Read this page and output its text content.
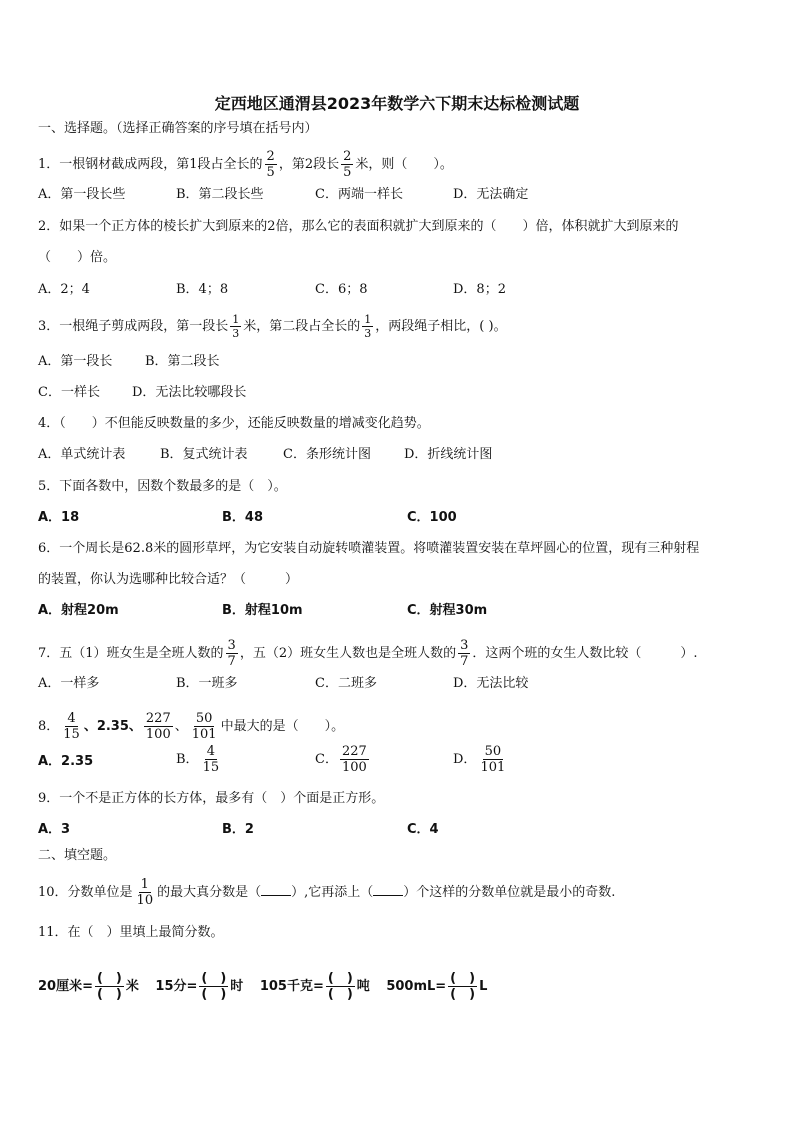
定西地区通渭县2023年数学六下期末达标检测试题
一、选择题。（选择正确答案的序号填在括号内）
1．一根钢材截成两段，第1段占全长的 $\frac{2}{5}$ ，第2段长 $\frac{2}{5}$ 米，则（　　）。
A．第一段长些	B．第二段长些	C．两端一样长	D．无法确定
2．如果一个正方体的棱长扩大到原来的2倍，那么它的表面积就扩大到原来的（　　）倍，体积就扩大到原来的
（　　）倍。
A．2；4	B．4；8	C．6；8	D．8；2
3．一根绳子剪成两段，第一段长 $\frac{1}{3}$ 米，第二段占全长的 $\frac{1}{3}$ ，两段绳子相比，( )。
A．第一段长	B．第二段长
C．一样长 D．无法比较哪段长
4．（　　）不但能反映数量的多少，还能反映数量的增减变化趋势。
A．单式统计表	B．复式统计表	C．条形统计图	D．折线统计图
5．下面各数中，因数个数最多的是（　）。
A．18	B．48	C．100
6．一个周长是62.8米的圆形草坪，为它安装自动旋转喷灌装置。将喷灌装置安装在草坪圆心的位置，现有三种射程
的装置，你认为选哪种比较合适？（　　　）
A．射程20m	B．射程10m	C．射程30m
7．五（1）班女生是全班人数的 $\frac{3}{7}$ ，五（2）班女生人数也是全班人数的 $\frac{3}{7}$ ．这两个班的女生人数比较（　　　）.
A．一样多	B．一班多	C．二班多	D．无法比较
8． $\frac{4}{15}$ 、2.35、 $\frac{227}{100}$ 、 $\frac{50}{101}$ 中最大的是（　　）。
A．2.35	B． $\frac{4}{15}$	C． $\frac{227}{100}$	D． $\frac{50}{101}$
9．一个不是正方体的长方体，最多有（　）个面是正方形。
A．3	B．2	C．4
二、填空题。
10．分数单位是 $\frac{1}{10}$ 的最大真分数是（ ）,它再添上（ ）个这样的分数单位就是最小的奇数.
11．在（　）里填上最简分数。
20厘米= $\frac{( )}{( )}$ 米 15分= $\frac{( )}{( )}$ 时 105千克= $\frac{( )}{( )}$ 吨 $500mL= \frac{( )}{( )}$ L
